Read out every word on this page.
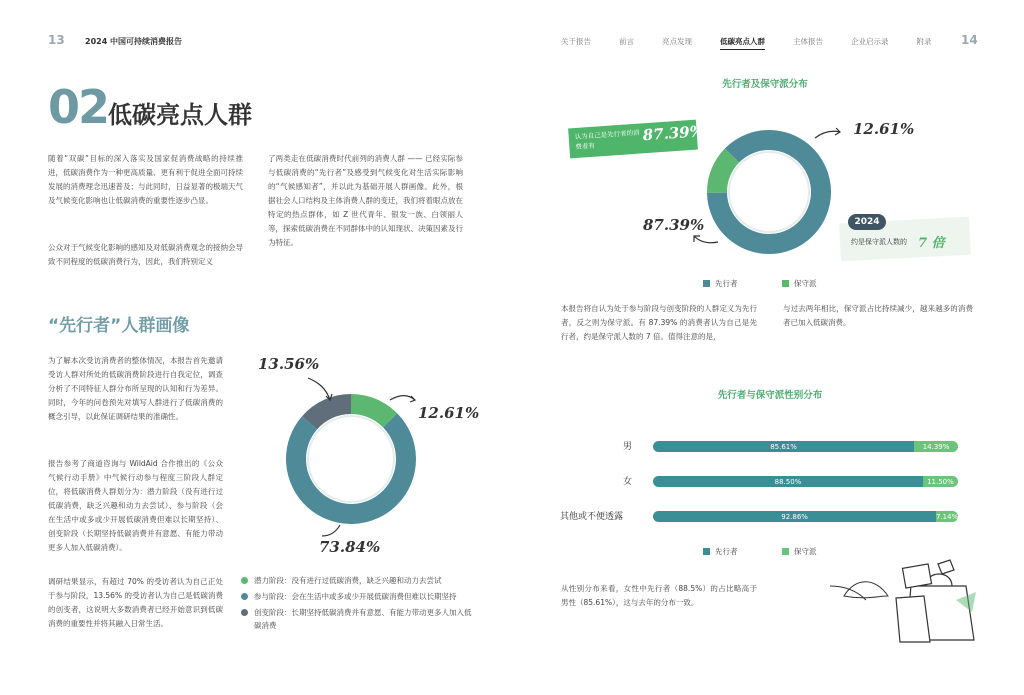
13	2024 中国可持续消费报告	关于报告	前言	亮点发现	低碳亮点人群	主体报告	企业启示录	附录 14
02 低碳亮点人群
随着“双碳”目标的深入落实及国家促消费战略的持续推进，低碳消费作为一种更高质量、更有利于促进全面可持续发展的消费理念迅速普及；与此同时，日益显著的极端天气及气候变化影响也让低碳消费的重要性逐步凸显。
公众对于气候变化影响的感知及对低碳消费观念的接纳会导致不同程度的低碳消费行为，因此，我们特别定义
了两类走在低碳消费时代前列的消费人群 —— 已经实际参与低碳消费的“先行者”及感受到气候变化对生活实际影响的“气候感知者”，并以此为基础开展人群画像。此外，根据社会人口结构及主体消费人群的变迁，我们将着眼点放在特定的热点群体，如 Z 世代青年、银发一族、白领丽人等，探索低碳消费在不同群体中的认知现状、决策因素及行为特征。
“先行者”人群画像
为了解本次受访消费者的整体情况，本报告首先邀请受访人群对所处的低碳消费阶段进行自我定位，调查分析了不同特征人群分布所呈现的认知和行为差异。同时，今年的问卷预先对填写人群进行了低碳消费的概念引导，以此保证调研结果的准确性。
报告参考了商道咨询与 WildAid 合作推出的《公众气候行动手册》中气候行动参与程度三阶段人群定位，将低碳消费人群划分为：潜力阶段（没有进行过低碳消费，缺乏兴趣和动力去尝试）、参与阶段（会在生活中或多或少开展低碳消费但难以长期坚持）、创变阶段（长期坚持低碳消费并有意愿、有能力带动更多人加入低碳消费）。
调研结果显示，有超过 70% 的受访者认为自己正处于参与阶段，13.56% 的受访者认为自己是低碳消费的创变者，这说明大多数消费者已经开始意识到低碳消费的重要性并将其融入日常生活。
13.56%
12.61%
73.84%
潜力阶段：没有进行过低碳消费，缺乏兴趣和动力去尝试
参与阶段：会在生活中或多或少开展低碳消费但难以长期坚持
创变阶段：长期坚持低碳消费并有意愿、有能力带动更多人加入低碳消费
先行者及保守派分布
认为自己是先行者的消费者有
87.39%
87.39%
12.61%
2024
约是保守派人数的 7 倍
先行者	保守派
本报告将自认为处于参与阶段与创变阶段的人群定义为先行者，反之则为保守派。有 87.39% 的消费者认为自己是先行者，约是保守派人数的 7 倍。值得注意的是，
与过去两年相比，保守派占比持续减少，越来越多的消费者已加入低碳消费。
先行者与保守派性别分布
男	85.61%	14.39%
女	88.50%	11.50%
其他或不便透露	92.86%	7.14%
先行者	保守派
从性别分布来看，女性中先行者（88.5%）的占比略高于男性（85.61%），这与去年的分布一致。
